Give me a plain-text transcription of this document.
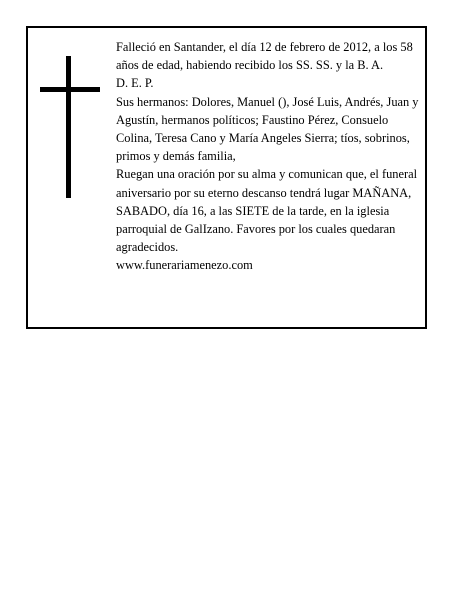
Falleció en Santander, el día 12 de febrero de 2012, a los 58 años de edad, habiendo recibido los SS. SS. y la B. A.

D. E. P.

Sus hermanos: Dolores, Manuel (), José Luis, Andrés, Juan y Agustín, hermanos políticos; Faustino Pérez, Consuelo Colina, Teresa Cano y María Angeles Sierra; tíos, sobrinos, primos y demás familia,

Ruegan una oración por su alma y comunican que, el funeral aniversario por su eterno descanso tendrá lugar MAÑANA, SABADO, día 16, a las SIETE de la tarde, en la iglesia parroquial de GalIzano. Favores por los cuales quedaran agradecidos.

www.funerariamenezo.com
